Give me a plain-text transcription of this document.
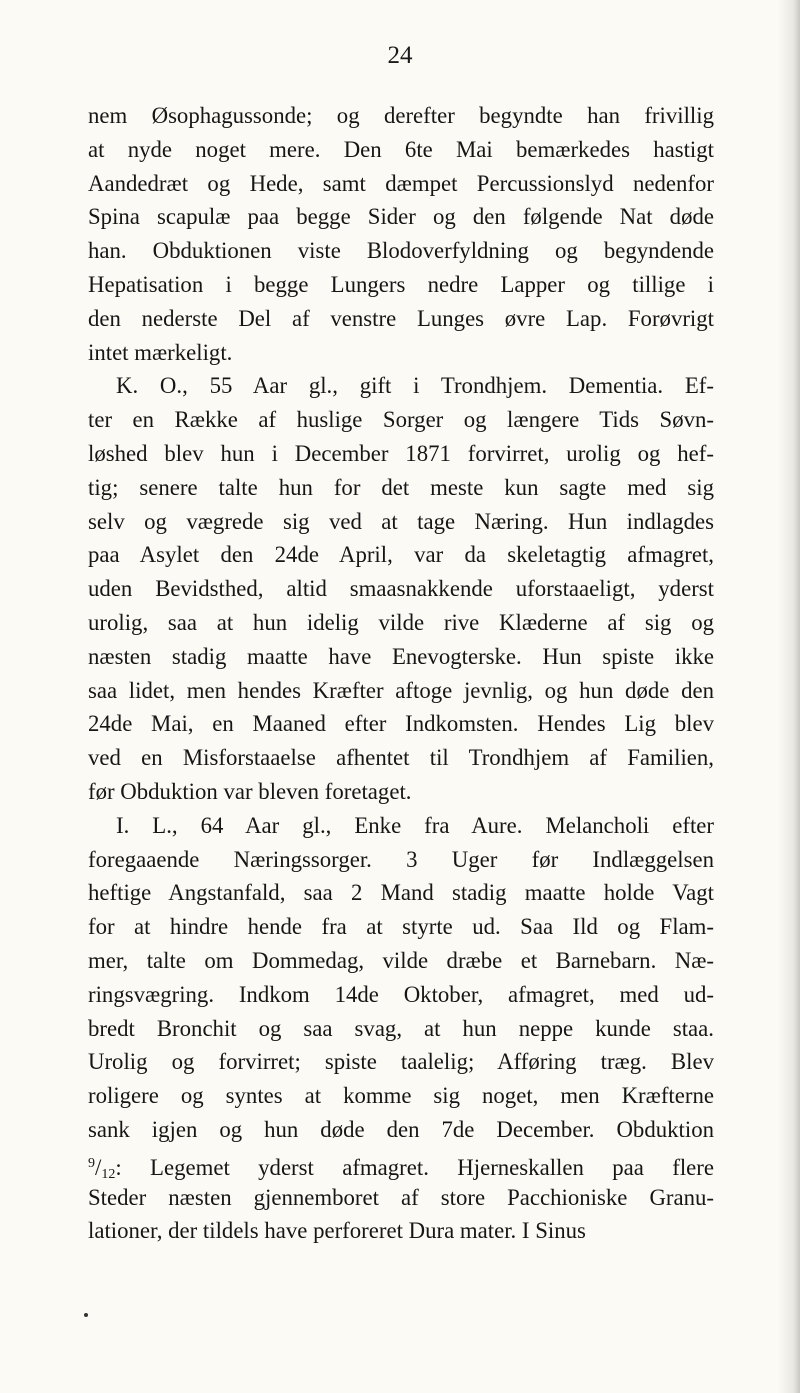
24
nem Øsophagussonde; og derefter begyndte han frivillig
at nyde noget mere. Den 6te Mai bemærkedes hastigt
Aandedræt og Hede, samt dæmpet Percussionslyd nedenfor
Spina scapulæ paa begge Sider og den følgende Nat døde
han. Obduktionen viste Blodoverfyldning og begyndende
Hepatisation i begge Lungers nedre Lapper og tillige i
den nederste Del af venstre Lunges øvre Lap. Forøvrigt
intet mærkeligt.
K. O., 55 Aar gl., gift i Trondhjem. Dementia. Ef-
ter en Række af huslige Sorger og længere Tids Søvn-
løshed blev hun i December 1871 forvirret, urolig og hef-
tig; senere talte hun for det meste kun sagte med sig
selv og vægrede sig ved at tage Næring. Hun indlagdes
paa Asylet den 24de April, var da skeletagtig afmagret,
uden Bevidsthed, altid smaasnakkende uforstaaeligt, yderst
urolig, saa at hun idelig vilde rive Klæderne af sig og
næsten stadig maatte have Enevogterske. Hun spiste ikke
saa lidet, men hendes Kræfter aftoge jevnlig, og hun døde den
24de Mai, en Maaned efter Indkomsten. Hendes Lig blev
ved en Misforstaaelse afhentet til Trondhjem af Familien,
før Obduktion var bleven foretaget.
I. L., 64 Aar gl., Enke fra Aure. Melancholi efter
foregaaende Næringssorger. 3 Uger før Indlæggelsen
heftige Angstanfald, saa 2 Mand stadig maatte holde Vagt
for at hindre hende fra at styrte ud. Saa Ild og Flam-
mer, talte om Dommedag, vilde dræbe et Barnebarn. Næ-
ringsvægring. Indkom 14de Oktober, afmagret, med ud-
bredt Bronchit og saa svag, at hun neppe kunde staa.
Urolig og forvirret; spiste taalelig; Afføring træg. Blev
roligere og syntes at komme sig noget, men Kræfterne
sank igjen og hun døde den 7de December. Obduktion
$^9$/12: Legemet yderst afmagret. Hjerneskallen paa flere
Steder næsten gjennemboret af store Pacchioniske Granu-
lationer, der tildels have perforeret Dura mater. I Sinus
